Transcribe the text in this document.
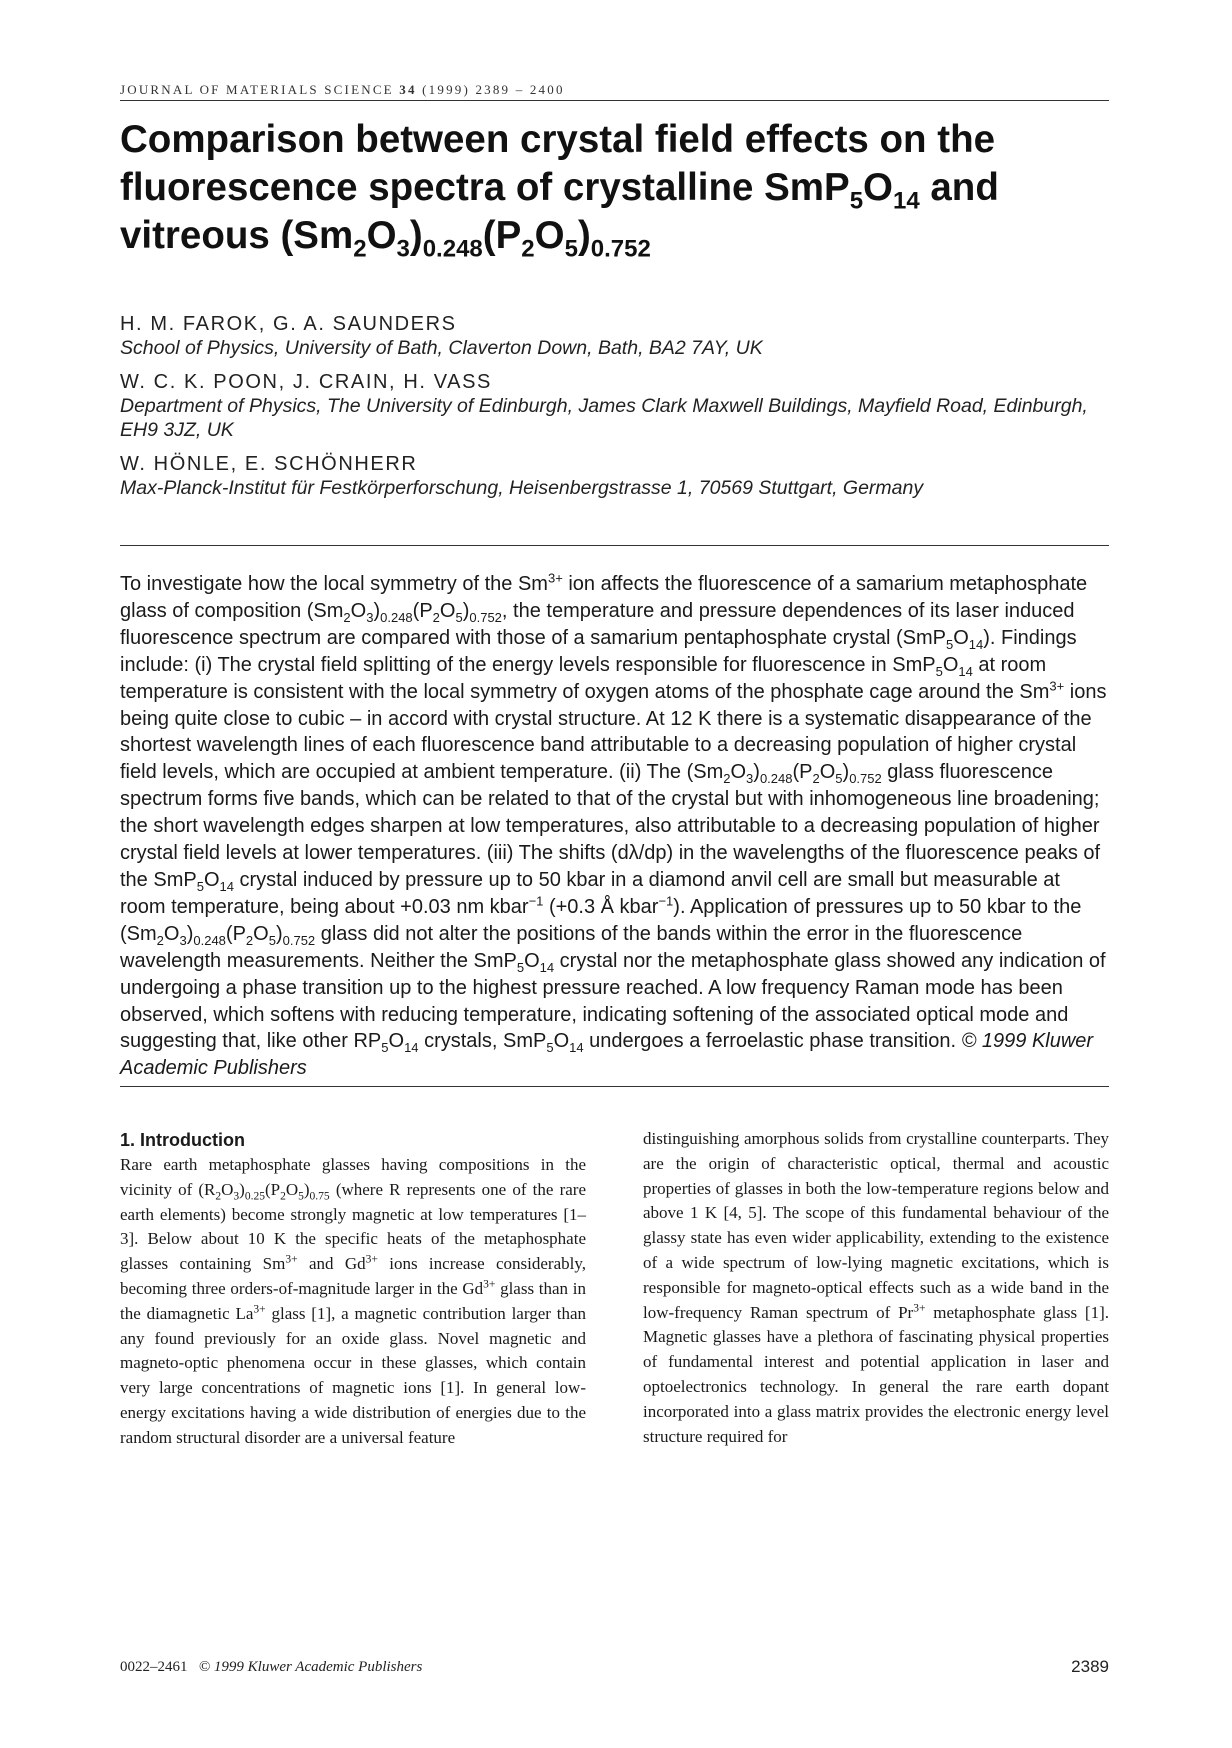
JOURNAL OF MATERIALS SCIENCE 34 (1999) 2389 – 2400
Comparison between crystal field effects on the
fluorescence spectra of crystalline $SmP_5O_{14}$ and
vitreous $(Sm_2O_3)_{0.248}(P_2O_5)_{0.752}$
H. M. FAROK, G. A. SAUNDERS
School of Physics, University of Bath, Claverton Down, Bath, BA2 7AY, UK
W. C. K. POON, J. CRAIN, H. VASS
Department of Physics, The University of Edinburgh, James Clark Maxwell Buildings, Mayfield Road, Edinburgh, EH9 3JZ, UK
W. HÖNLE, E. SCHÖNHERR
Max-Planck-Institut für Festkörperforschung, Heisenbergstrasse 1, 70569 Stuttgart, Germany

To investigate how the local symmetry of the $Sm^{3+}$ ion affects the fluorescence of a samarium metaphosphate glass of composition $(Sm_2O_3)_{0.248}(P_2O_5)_{0.752}$, the temperature and pressure dependences of its laser induced fluorescence spectrum are compared with those of a samarium pentaphosphate crystal $(SmP_5O_{14})$. Findings include: (i) The crystal field splitting of the energy levels responsible for fluorescence in $SmP_5O_{14}$ at room temperature is consistent with the local symmetry of oxygen atoms of the phosphate cage around the $Sm^{3+}$ ions being quite close to cubic – in accord with crystal structure. At 12 K there is a systematic disappearance of the shortest wavelength lines of each fluorescence band attributable to a decreasing population of higher crystal field levels, which are occupied at ambient temperature. (ii) The $(Sm_2O_3)_{0.248}(P_2O_5)_{0.752}$ glass fluorescence spectrum forms five bands, which can be related to that of the crystal but with inhomogeneous line broadening; the short wavelength edges sharpen at low temperatures, also attributable to a decreasing population of higher crystal field levels at lower temperatures. (iii) The shifts (dλ/dp) in the wavelengths of the fluorescence peaks of the $SmP_5O_{14}$ crystal induced by pressure up to 50 kbar in a diamond anvil cell are small but measurable at room temperature, being about +0.03 nm kbar$^{-1}$ (+0.3 Å kbar$^{-1}$). Application of pressures up to 50 kbar to the $(Sm_2O_3)_{0.248}(P_2O_5)_{0.752}$ glass did not alter the positions of the bands within the error in the fluorescence wavelength measurements. Neither the $SmP_5O_{14}$ crystal nor the metaphosphate glass showed any indication of undergoing a phase transition up to the highest pressure reached. A low frequency Raman mode has been observed, which softens with reducing temperature, indicating softening of the associated optical mode and suggesting that, like other $RP_5O_{14}$ crystals, $SmP_5O_{14}$ undergoes a ferroelastic phase transition. © 1999 Kluwer Academic Publishers

1. Introduction

Rare earth metaphosphate glasses having compositions in the vicinity of $(R_2O_3)_{0.25}(P_2O_5)_{0.75}$ (where R represents one of the rare earth elements) become strongly magnetic at low temperatures [1–3]. Below about 10 K the specific heats of the metaphosphate glasses containing $Sm^{3+}$ and $Gd^{3+}$ ions increase considerably, becoming three orders-of-magnitude larger in the $Gd^{3+}$ glass than in the diamagnetic $La^{3+}$ glass [1], a magnetic contribution larger than any found previously for an oxide glass. Novel magnetic and magneto-optic phenomena occur in these glasses, which contain very large concentrations of magnetic ions [1]. In general low-energy excitations having a wide distribution of energies due to the random structural disorder are a universal feature

distinguishing amorphous solids from crystalline counterparts. They are the origin of characteristic optical, thermal and acoustic properties of glasses in both the low-temperature regions below and above 1 K [4, 5]. The scope of this fundamental behaviour of the glassy state has even wider applicability, extending to the existence of a wide spectrum of low-lying magnetic excitations, which is responsible for magneto-optical effects such as a wide band in the low-frequency Raman spectrum of $Pr^{3+}$ metaphosphate glass [1]. Magnetic glasses have a plethora of fascinating physical properties of fundamental interest and potential application in laser and optoelectronics technology. In general the rare earth dopant incorporated into a glass matrix provides the electronic energy level structure required for

0022–2461 © 1999 Kluwer Academic Publishers	2389
